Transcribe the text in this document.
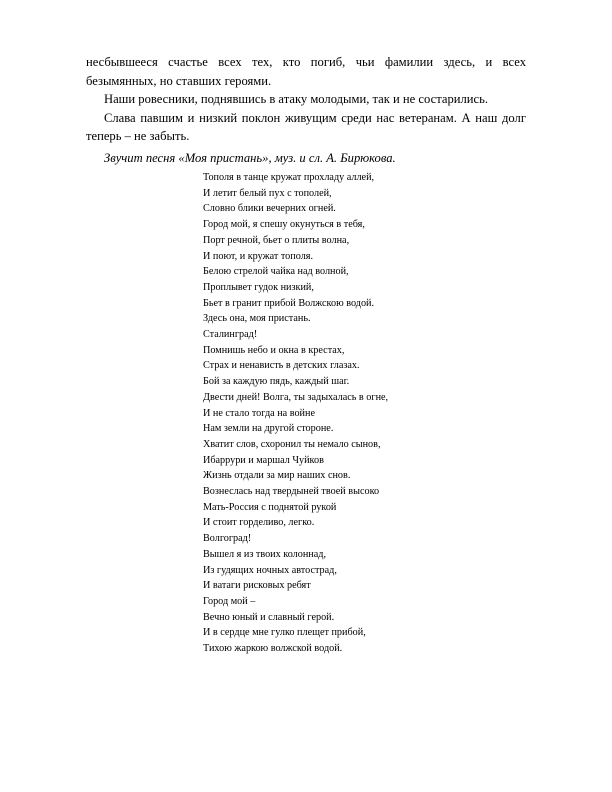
несбывшееся счастье всех тех, кто погиб, чьи фамилии здесь, и всех безымянных, но ставших героями.

Наши ровесники, поднявшись в атаку молодыми, так и не состарились.

Слава павшим и низкий поклон живущим среди нас ветеранам. А наш долг теперь – не забыть.

Звучит песня «Моя пристань», муз. и сл. А. Бирюкова.

Тополя в танце кружат прохладу аллей,
И летит белый пух с тополей,
Словно блики вечерних огней.
Город мой, я спешу окунуться в тебя,
Порт речной, бьет о плиты волна,
И поют, и кружат тополя.
Белою стрелой чайка над волной,
Проплывет гудок низкий,
Бьет в гранит прибой Волжскою водой.
Здесь она, моя пристань.
Сталинград!
Помнишь небо и окна в крестах,
Страх и ненависть в детских глазах.
Бой за каждую пядь, каждый шаг.
Двести дней! Волга, ты задыхалась в огне,
И не стало тогда на войне
Нам земли на другой стороне.
Хватит слов, схоронил ты немало сынов,
Ибаррури и маршал Чуйков
Жизнь отдали за мир наших снов.
Вознеслась над твердыней твоей высоко
Мать-Россия с поднятой рукой
И стоит горделиво, легко.
Волгоград!
Вышел я из твоих колоннад,
Из гудящих ночных автострад,
И ватаги рисковых ребят
Город мой –
Вечно юный и славный герой.
И в сердце мне гулко плещет прибой,
Тихою жаркою волжской водой.
